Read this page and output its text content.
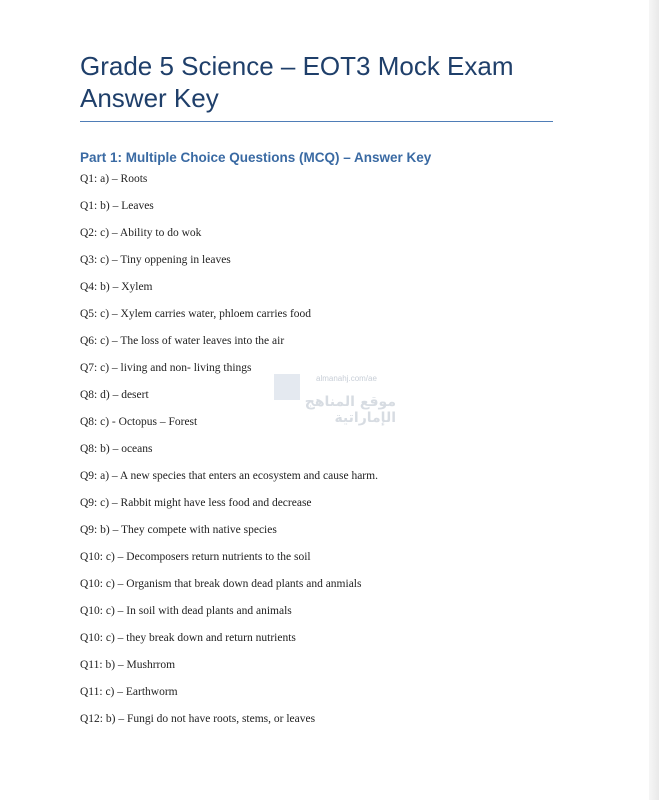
Grade 5 Science – EOT3 Mock Exam
Answer Key
Part 1: Multiple Choice Questions (MCQ) – Answer Key
Q1: a) – Roots
Q1: b) – Leaves
Q2: c) – Ability to do wok
Q3: c) – Tiny oppening in leaves
Q4: b) – Xylem
Q5: c) – Xylem carries water, phloem carries food
Q6: c) – The loss of water leaves into the air
Q7: c) – living and non- living things
Q8: d) – desert
Q8: c) - Octopus – Forest
Q8: b) – oceans
Q9: a) – A new species that enters an ecosystem and cause harm.
Q9: c) – Rabbit might have less food and decrease
Q9: b) – They compete with native species
Q10: c) – Decomposers return nutrients to the soil
Q10: c) – Organism that break down dead plants and anmials
Q10: c) – In soil with dead plants and animals
Q10: c) – they break down and return nutrients
Q11: b) – Mushrrom
Q11: c) – Earthworm
Q12: b) – Fungi do not have roots, stems, or leaves
almanahj.com/ae
موقع المناهج الإماراتية
